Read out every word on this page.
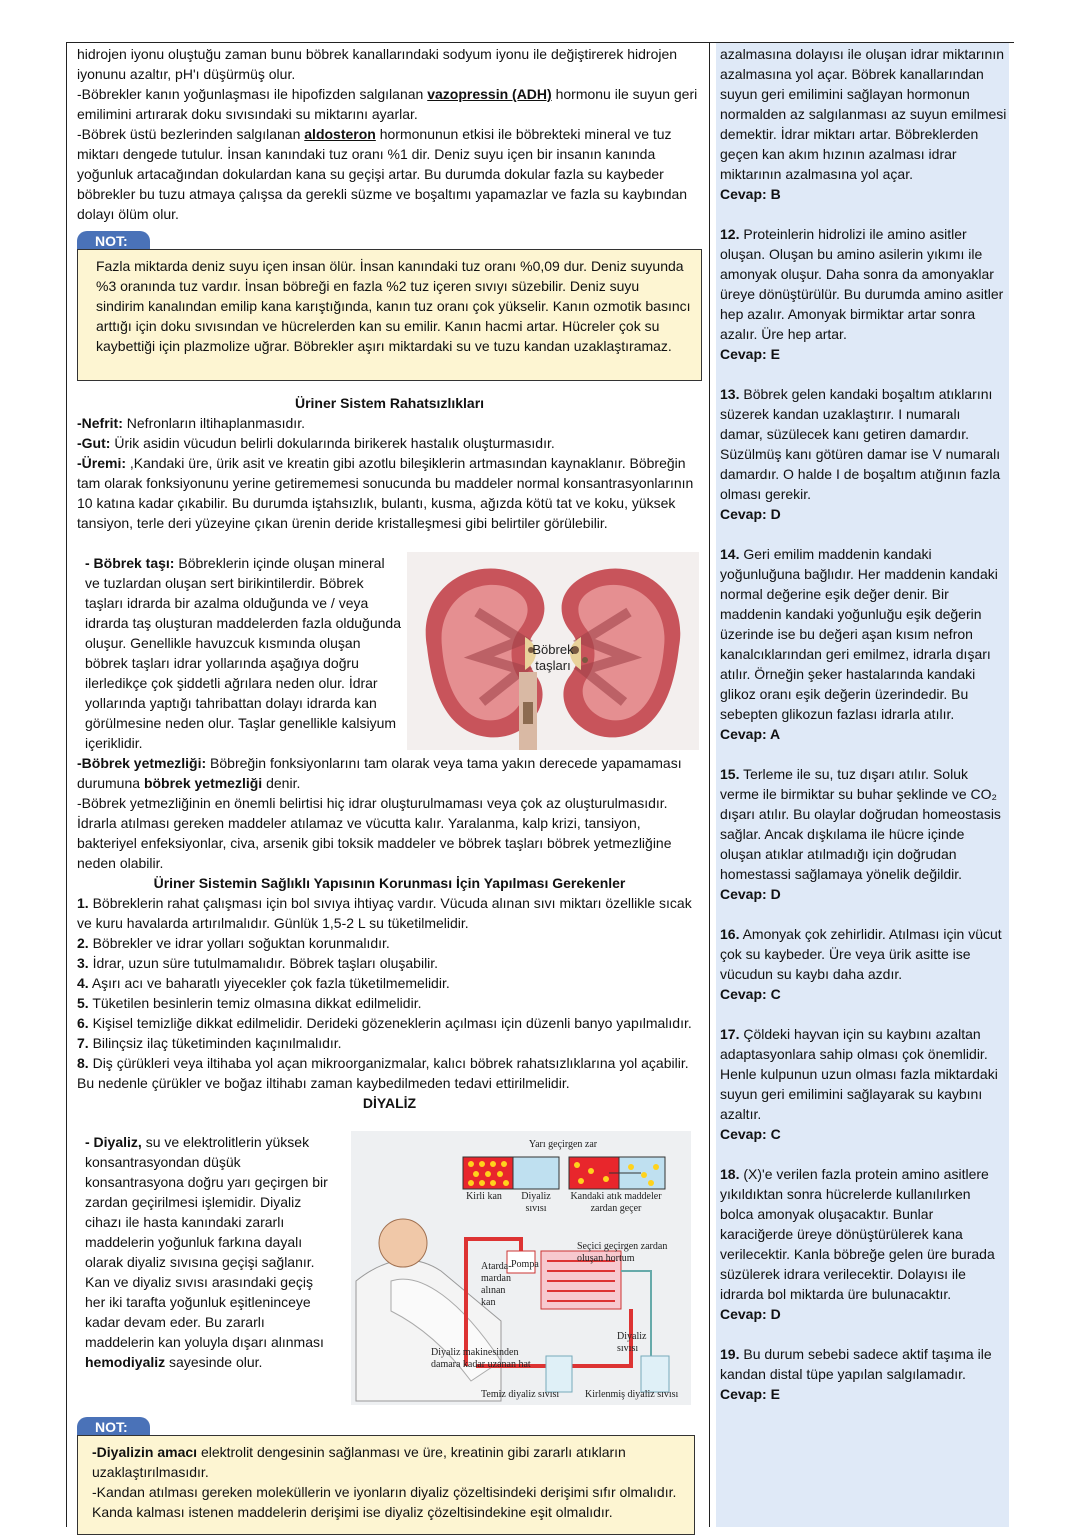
hidrojen iyonu oluştuğu zaman bunu böbrek kanallarındaki sodyum iyonu ile değiştirerek hidrojen iyonunu azaltır, pH'ı düşürmüş olur.

-Böbrekler kanın yoğunlaşması ile hipofizden salgılanan vazopressin (ADH) hormonu ile suyun geri emilimini artırarak doku sıvısındaki su miktarını ayarlar.

-Böbrek üstü bezlerinden salgılanan aldosteron hormonunun etkisi ile böbrekteki mineral ve tuz miktarı dengede tutulur. İnsan kanındaki tuz oranı %1 dir. Deniz suyu içen bir insanın kanında yoğunluk artacağından dokulardan kana su geçişi artar. Bu durumda dokular fazla su kaybeder böbrekler bu tuzu atmaya çalışsa da gerekli süzme ve boşaltımı yapamazlar ve fazla su kaybından dolayı ölüm olur.

NOT:
Fazla miktarda deniz suyu içen insan ölür. İnsan kanındaki tuz oranı %0,09 dur. Deniz suyunda %3 oranında tuz vardır. İnsan böbreği en fazla %2 tuz içeren sıvıyı süzebilir. Deniz suyu sindirim kanalından emilip kana karıştığında, kanın tuz oranı çok yükselir. Kanın ozmotik basıncı arttığı için doku sıvısından ve hücrelerden kan su emilir. Kanın hacmi artar. Hücreler çok su kaybettiği için plazmolize uğrar. Böbrekler aşırı miktardaki su ve tuzu kandan uzaklaştıramaz.

Üriner Sistem Rahatsızlıkları

-Nefrit: Nefronların iltihaplanmasıdır.

-Gut: Ürik asidin vücudun belirli dokularında birikerek hastalık oluşturmasıdır.

-Üremi: ,Kandaki üre, ürik asit ve kreatin gibi azotlu bileşiklerin artmasından kaynaklanır. Böbreğin tam olarak fonksiyonunu yerine getirememesi sonucunda bu maddeler normal konsantrasyonlarının 10 katına kadar çıkabilir. Bu durumda iştahsızlık, bulantı, kusma, ağızda kötü tat ve koku, yüksek tansiyon, terle deri yüzeyine çıkan ürenin deride kristalleşmesi gibi belirtiler görülebilir.

- Böbrek taşı: Böbreklerin içinde oluşan mineral ve tuzlardan oluşan sert birikintilerdir. Böbrek taşları idrarda bir azalma olduğunda ve / veya idrarda taş oluşturan maddelerden fazla olduğunda oluşur. Genellikle havuzcuk kısmında oluşan böbrek taşları idrar yollarında aşağıya doğru ilerledikçe çok şiddetli ağrılara neden olur. İdrar yollarında yaptığı tahribattan dolayı idrarda kan görülmesine neden olur. Taşlar genellikle kalsiyum içeriklidir.

Böbrek
taşları

-Böbrek yetmezliği: Böbreğin fonksiyonlarını tam olarak veya tama yakın derecede yapamaması durumuna böbrek yetmezliği denir.

-Böbrek yetmezliğinin en önemli belirtisi hiç idrar oluşturulmaması veya çok az oluşturulmasıdır. İdrarla atılması gereken maddeler atılamaz ve vücutta kalır. Yaralanma, kalp krizi, tansiyon, bakteriyel enfeksiyonlar, civa, arsenik gibi toksik maddeler ve böbrek taşları böbrek yetmezliğine neden olabilir.

Üriner Sistemin Sağlıklı Yapısının Korunması İçin Yapılması Gerekenler

1. Böbreklerin rahat çalışması için bol sıvıya ihtiyaç vardır. Vücuda alınan sıvı miktarı özellikle sıcak ve kuru havalarda artırılmalıdır. Günlük 1,5-2 L su tüketilmelidir.

2. Böbrekler ve idrar yolları soğuktan korunmalıdır.

3. İdrar, uzun süre tutulmamalıdır. Böbrek taşları oluşabilir.

4. Aşırı acı ve baharatlı yiyecekler çok fazla tüketilmemelidir.

5. Tüketilen besinlerin temiz olmasına dikkat edilmelidir.

6. Kişisel temizliğe dikkat edilmelidir. Derideki gözeneklerin açılması için düzenli banyo yapılmalıdır.

7. Bilinçsiz ilaç tüketiminden kaçınılmalıdır.

8. Diş çürükleri veya iltihaba yol açan mikroorganizmalar, kalıcı böbrek rahatsızlıklarına yol açabilir. Bu nedenle çürükler ve boğaz iltihabı zaman kaybedilmeden tedavi ettirilmelidir.

DİYALİZ

- Diyaliz, su ve elektrolitlerin yüksek konsantrasyondan düşük konsantrasyona doğru yarı geçirgen bir zardan geçirilmesi işlemidir. Diyaliz cihazı ile hasta kanındaki zararlı maddelerin yoğunluk farkına dayalı olarak diyaliz sıvısına geçişi sağlanır. Kan ve diyaliz sıvısı arasındaki geçiş her iki tarafta yoğunluk eşitleninceye kadar devam eder. Bu zararlı maddelerin kan yoluyla dışarı alınması hemodiyaliz sayesinde olur.

Yarı geçirgen zar
Kirli kan Diyaliz
sıvısı
Kandaki atık maddeler
zardan geçer
Seçici geçirgen zardan
oluşan hortum
Atarda-
mardan
alınan
kan
Pompa
Diyaliz
sıvısı
Diyaliz makinesinden
damara kadar uzanan hat
Temiz diyaliz sıvısı	Kirlenmiş diyaliz sıvısı
NOT:

-Diyalizin amacı elektrolit dengesinin sağlanması ve üre, kreatinin gibi zararlı atıkların uzaklaştırılmasıdır.

-Kandan atılması gereken moleküllerin ve iyonların diyaliz çözeltisindeki derişimi sıfır olmalıdır. Kanda kalması istenen maddelerin derişimi ise diyaliz çözeltisindekine eşit olmalıdır.

azalmasına dolayısı ile oluşan idrar miktarının azalmasına yol açar. Böbrek kanallarından suyun geri emilimini sağlayan hormonun normalden az salgılanması az suyun emilmesi demektir. İdrar miktarı artar. Böbreklerden geçen kan akım hızının azalması idrar miktarının azalmasına yol açar.

Cevap: B

12. Proteinlerin hidrolizi ile amino asitler oluşan. Oluşan bu amino asilerin yıkımı ile amonyak oluşur. Daha sonra da amonyaklar üreye dönüştürülür. Bu durumda amino asitler hep azalır. Amonyak birmiktar artar sonra azalır. Üre hep artar.

Cevap: E

13. Böbrek gelen kandaki boşaltım atıklarını süzerek kandan uzaklaştırır. I numaralı damar, süzülecek kanı getiren damardır. Süzülmüş kanı götüren damar ise V numaralı damardır. O halde I de boşaltım atığının fazla olması gerekir.

Cevap: D

14. Geri emilim maddenin kandaki yoğunluğuna bağlıdır. Her maddenin kandaki normal değerine eşik değer denir. Bir maddenin kandaki yoğunluğu eşik değerin üzerinde ise bu değeri aşan kısım nefron kanalcıklarından geri emilmez, idrarla dışarı atılır. Örneğin şeker hastalarında kandaki glikoz oranı eşik değerin üzerindedir. Bu sebepten glikozun fazlası idrarla atılır.

Cevap: A

15. Terleme ile su, tuz dışarı atılır. Soluk verme ile birmiktar su buhar şeklinde ve CO₂ dışarı atılır. Bu olaylar doğrudan homeostasis sağlar. Ancak dışkılama ile hücre içinde oluşan atıklar atılmadığı için doğrudan homestassi sağlamaya yönelik değildir.

Cevap: D

16. Amonyak çok zehirlidir. Atılması için vücut çok su kaybeder. Üre veya ürik asitte ise vücudun su kaybı daha azdır.

Cevap: C

17. Çöldeki hayvan için su kaybını azaltan adaptasyonlara sahip olması çok önemlidir. Henle kulpunun uzun olması fazla miktardaki suyun geri emilimini sağlayarak su kaybını azaltır.

Cevap: C

18. (X)'e verilen fazla protein amino asitlere yıkıldıktan sonra hücrelerde kullanılırken bolca amonyak oluşacaktır. Bunlar karaciğerde üreye dönüştürülerek kana verilecektir. Kanla böbreğe gelen üre burada süzülerek idrara verilecektir. Dolayısı ile idrarda bol miktarda üre bulunacaktır.

Cevap: D

19. Bu durum sebebi sadece aktif taşıma ile kandan distal tüpe yapılan salgılamadır.

Cevap: E
